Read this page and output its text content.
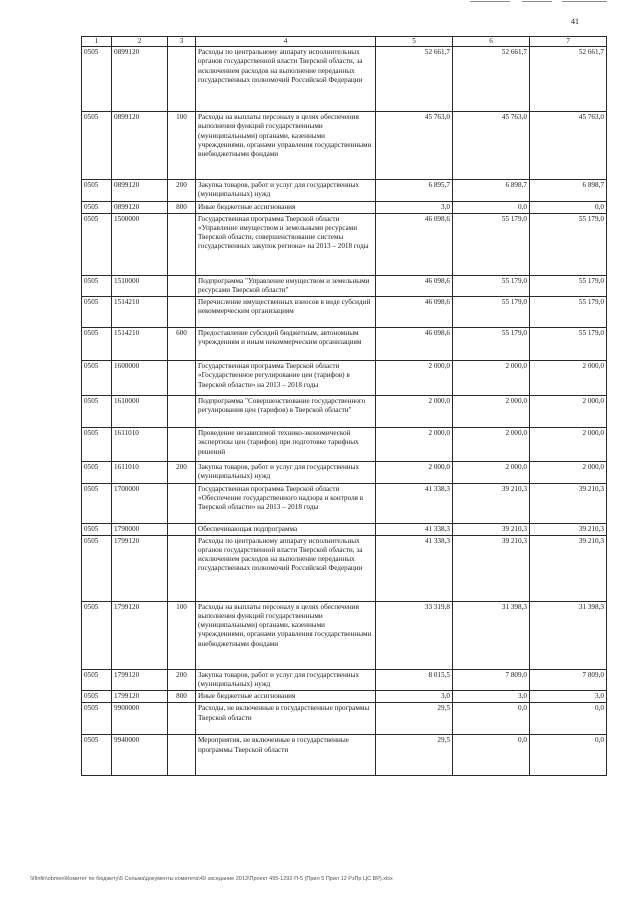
41
1	2	3	4	5	6	7
0505	0899120		Расходы по центральному аппарату исполнительных органов государственной власти Тверской области, за исключением расходов на выполнение переданных государственных полномочий Российской Федерации	52 661,7	52 661,7	52 661,7
0505	0899120	100	Расходы на выплаты персоналу в целях обеспечения выполнения функций государственными (муниципальными) органами, казенными учреждениями, органами управления государственными внебюджетными фондами	45 763,0	45 763,0	45 763,0
0505	0899120	200	Закупка товаров, работ и услуг для государственных (муниципальных) нужд	6 895,7	6 898,7	6 898,7
0505	0899120	800	Иные бюджетные ассигнования	3,0	0,0	0,0
0505	1500000		Государственная программа Тверской области «Управление имуществом и земельными ресурсами Тверской области, совершенствование системы государственных закупок региона» на 2013 – 2018 годы	46 098,6	55 179,0	55 179,0
0505	1510000		Подпрограмма "Управление имуществом и земельными ресурсами Тверской области"	46 098,6	55 179,0	55 179,0
0505	1514210		Перечисление имущественных взносов в виде субсидий некоммерческим организациям	46 098,6	55 179,0	55 179,0
0505	1514210	600	Предоставление субсидий бюджетным, автономным учреждениям и иным некоммерческим организациям	46 098,6	55 179,0	55 179,0
0505	1600000		Государственная программа Тверской области «Государственное регулирование цен (тарифов) в Тверской области» на 2013 – 2018 годы	2 000,0	2 000,0	2 000,0
0505	1610000		Подпрограмма "Совершенствование государственного регулирования цен (тарифов) в Тверской области"	2 000,0	2 000,0	2 000,0
0505	1611010		Проведение независимой технико-экономической экспертизы цен (тарифов) при подготовке тарифных решений	2 000,0	2 000,0	2 000,0
0505	1611010	200	Закупка товаров, работ и услуг для государственных (муниципальных) нужд	2 000,0	2 000,0	2 000,0
0505	1700000		Государственная программа Тверской области «Обеспечение государственного надзора и контроля в Тверской области» на 2013 – 2018 годы	41 338,3	39 210,3	39 210,3
0505	1790000		Обеспечивающая подпрограмма	41 338,3	39 210,3	39 210,3
0505	1799120		Расходы по центральному аппарату исполнительных органов государственной власти Тверской области, за исключением расходов на выполнение переданных государственных полномочий Российской Федерации	41 338,3	39 210,3	39 210,3
0505	1799120	100	Расходы на выплаты персоналу в целях обеспечения выполнения функций государственными (муниципальными) органами, казенными учреждениями, органами управления государственными внебюджетными фондами	33 319,8	31 398,3	31 398,3
0505	1799120	200	Закупка товаров, работ и услуг для государственных (муниципальных) нужд	8 015,5	7 809,0	7 809,0
0505	1799120	800	Иные бюджетные ассигнования	3,0	3,0	3,0
0505	9900000		Расходы, не включенные в государственные программы Тверской области	29,5	0,0	0,0
0505	9940000		Мероприятия, не включенные в государственные программы Тверской области	29,5	0,0	0,0
\\Ifinfin\obmen\Комитет по бюджету\5 Сельма\документы комитета\49 заседание 2013\Проект 495-1292-П-5 (Прил 5 Прил 12 РзПр ЦС ВР).xlsx
